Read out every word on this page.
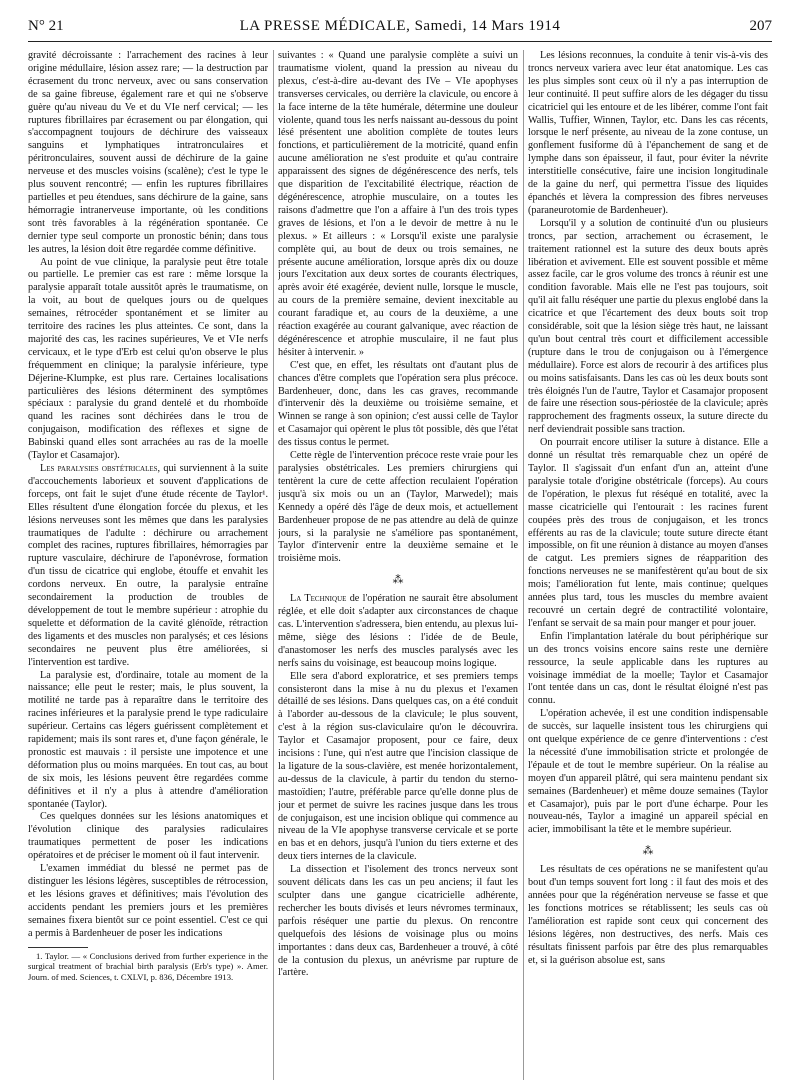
N° 21	LA PRESSE MÉDICALE, Samedi, 14 Mars 1914	207

gravité décroissante : l'arrachement des racines à leur origine médullaire, lésion assez rare; — la destruction par écrasement du tronc nerveux, avec ou sans conservation de sa gaine fibreuse, également rare et qui ne s'observe guère qu'au niveau du Ve et du VIe nerf cervical; — les ruptures fibrillaires par écrasement ou par élongation, qui s'accompagnent toujours de déchirure des vaisseaux sanguins et lymphatiques intratronculaires et péritronculaires, souvent aussi de déchirure de la gaine nerveuse et des muscles voisins (scalène); c'est le type le plus souvent rencontré; — enfin les ruptures fibrillaires partielles et peu étendues, sans déchirure de la gaine, sans hémorragie intranerveuse importante, où les conditions sont très favorables à la régénération spontanée. Ce dernier type seul comporte un pronostic bénin; dans tous les autres, la lésion doit être regardée comme définitive.

Au point de vue clinique, la paralysie peut être totale ou partielle. Le premier cas est rare : même lorsque la paralysie apparaît totale aussitôt après le traumatisme, on la voit, au bout de quelques jours ou de quelques semaines, rétrocéder spontanément et se limiter au territoire des racines les plus atteintes. Ce sont, dans la majorité des cas, les racines supérieures, Ve et VIe nerfs cervicaux, et le type d'Erb est celui qu'on observe le plus fréquemment en clinique; la paralysie inférieure, type Déjerine-Klumpke, est plus rare. Certaines localisations particulières des lésions déterminent des symptômes spéciaux : paralysie du grand dentelé et du rhomboïde quand les racines sont déchirées dans le trou de conjugaison, modification des réflexes et signe de Babinski quand elles sont arrachées au ras de la moelle (Taylor et Casamajor).

Les paralysies obstétricales, qui surviennent à la suite d'accouchements laborieux et souvent d'applications de forceps, ont fait le sujet d'une étude récente de Taylor¹. Elles résultent d'une élongation forcée du plexus, et les lésions nerveuses sont les mêmes que dans les paralysies traumatiques de l'adulte : déchirure ou arrachement complet des racines, ruptures fibrillaires, hémorragies par rupture vasculaire, déchirure de l'aponévrose, formation d'un tissu de cicatrice qui englobe, étouffe et envahit les cordons nerveux. En outre, la paralysie entraîne secondairement la production de troubles de développement de tout le membre supérieur : atrophie du squelette et déformation de la cavité glénoïde, rétraction des ligaments et des muscles non paralysés; et ces lésions secondaires ne peuvent plus être améliorées, si l'intervention est tardive.

La paralysie est, d'ordinaire, totale au moment de la naissance; elle peut le rester; mais, le plus souvent, la motilité ne tarde pas à reparaître dans le territoire des racines inférieures et la paralysie prend le type radiculaire supérieur. Certains cas légers guérissent complètement et rapidement; mais ils sont rares et, d'une façon générale, le pronostic est mauvais : il persiste une impotence et une déformation plus ou moins marquées. En tout cas, au bout de six mois, les lésions peuvent être regardées comme définitives et il n'y a plus à attendre d'amélioration spontanée (Taylor).

Ces quelques données sur les lésions anatomiques et l'évolution clinique des paralysies radiculaires traumatiques permettent de poser les indications opératoires et de préciser le moment où il faut intervenir.

L'examen immédiat du blessé ne permet pas de distinguer les lésions légères, susceptibles de rétrocession, et les lésions graves et définitives; mais l'évolution des accidents pendant les premiers jours et les premières semaines fixera bientôt sur ce point essentiel. C'est ce qui a permis à Bardenheuer de poser les indications

1. Taylor. — « Conclusions derived from further experience in the surgical treatment of brachial birth paralysis (Erb's type) ». Amer. Journ. of med. Sciences, t. CXLVI, p. 836, Décembre 1913.

suivantes : « Quand une paralysie complète a suivi un traumatisme violent, quand la pression au niveau du plexus, c'est-à-dire au-devant des IVe – VIe apophyses transverses cervicales, ou derrière la clavicule, ou encore à la face interne de la tête humérale, détermine une douleur violente, quand tous les nerfs naissant au-dessous du point lésé présentent une abolition complète de toutes leurs fonctions, et particulièrement de la motricité, quand enfin aucune amélioration ne s'est produite et qu'au contraire apparaissent des signes de dégénérescence des nerfs, tels que disparition de l'excitabilité électrique, réaction de dégénérescence, atrophie musculaire, on a toutes les raisons d'admettre que l'on a affaire à l'un des trois types graves de lésions, et l'on a le devoir de mettre à nu le plexus. » Et ailleurs : « Lorsqu'il existe une paralysie complète qui, au bout de deux ou trois semaines, ne présente aucune amélioration, lorsque après dix ou douze jours l'excitation aux deux sortes de courants électriques, après avoir été exagérée, devient nulle, lorsque le muscle, au cours de la première semaine, devient inexcitable au courant faradique et, au cours de la deuxième, a une réaction exagérée au courant galvanique, avec réaction de dégénérescence et atrophie musculaire, il ne faut plus hésiter à intervenir. »

C'est que, en effet, les résultats ont d'autant plus de chances d'être complets que l'opération sera plus précoce. Bardenheuer, donc, dans les cas graves, recommande d'intervenir dès la deuxième ou troisième semaine, et Winnen se range à son opinion; c'est aussi celle de Taylor et Casamajor qui opèrent le plus tôt possible, dès que l'état des tissus contus le permet.

Cette règle de l'intervention précoce reste vraie pour les paralysies obstétricales. Les premiers chirurgiens qui tentèrent la cure de cette affection reculaient l'opération jusqu'à six mois ou un an (Taylor, Marwedel); mais Kennedy a opéré dès l'âge de deux mois, et actuellement Bardenheuer propose de ne pas attendre au delà de quinze jours, si la paralysie ne s'améliore pas spontanément, Taylor d'intervenir entre la deuxième semaine et le troisième mois.

⁂

La Technique de l'opération ne saurait être absolument réglée, et elle doit s'adapter aux circonstances de chaque cas. L'intervention s'adressera, bien entendu, au plexus lui-même, siège des lésions : l'idée de de Beule, d'anastomoser les nerfs des muscles paralysés avec les nerfs sains du voisinage, est beaucoup moins logique.

Elle sera d'abord exploratrice, et ses premiers temps consisteront dans la mise à nu du plexus et l'examen détaillé de ses lésions. Dans quelques cas, on a été conduit à l'aborder au-dessous de la clavicule; le plus souvent, c'est à la région sus-claviculaire qu'on le découvrira. Taylor et Casamajor proposent, pour ce faire, deux incisions : l'une, qui n'est autre que l'incision classique de la ligature de la sous-clavière, est menée horizontalement, au-dessus de la clavicule, à partir du tendon du sterno-mastoïdien; l'autre, préférable parce qu'elle donne plus de jour et permet de suivre les racines jusque dans les trous de conjugaison, est une incision oblique qui commence au niveau de la VIe apophyse transverse cervicale et se porte en bas et en dehors, jusqu'à l'union du tiers externe et des deux tiers internes de la clavicule.

La dissection et l'isolement des troncs nerveux sont souvent délicats dans les cas un peu anciens; il faut les sculpter dans une gangue cicatricielle adhérente, rechercher les bouts divisés et leurs névromes terminaux, parfois réséquer une partie du plexus. On rencontre quelquefois des lésions de voisinage plus ou moins importantes : dans deux cas, Bardenheuer a trouvé, à côté de la contusion du plexus, un anévrisme par rupture de l'artère.

Les lésions reconnues, la conduite à tenir vis-à-vis des troncs nerveux variera avec leur état anatomique. Les cas les plus simples sont ceux où il n'y a pas interruption de leur continuité. Il peut suffire alors de les dégager du tissu cicatriciel qui les entoure et de les libérer, comme l'ont fait Wallis, Tuffier, Winnen, Taylor, etc. Dans les cas récents, lorsque le nerf présente, au niveau de la zone contuse, un gonflement fusiforme dû à l'épanchement de sang et de lymphe dans son épaisseur, il faut, pour éviter la névrite interstitielle consécutive, faire une incision longitudinale de la gaine du nerf, qui permettra l'issue des liquides épanchés et lèvera la compression des fibres nerveuses (paraneurotomie de Bardenheuer).

Lorsqu'il y a solution de continuité d'un ou plusieurs troncs, par section, arrachement ou écrasement, le traitement rationnel est la suture des deux bouts après libération et avivement. Elle est souvent possible et même assez facile, car le gros volume des troncs à réunir est une condition favorable. Mais elle ne l'est pas toujours, soit qu'il ait fallu réséquer une partie du plexus englobé dans la cicatrice et que l'écartement des deux bouts soit trop considérable, soit que la lésion siège très haut, ne laissant qu'un bout central très court et difficilement accessible (rupture dans le trou de conjugaison ou à l'émergence médullaire). Force est alors de recourir à des artifices plus ou moins satisfaisants. Dans les cas où les deux bouts sont très éloignés l'un de l'autre, Taylor et Casamajor proposent de faire une résection sous-périostée de la clavicule; après rapprochement des fragments osseux, la suture directe du nerf deviendrait possible sans traction.

On pourrait encore utiliser la suture à distance. Elle a donné un résultat très remarquable chez un opéré de Taylor. Il s'agissait d'un enfant d'un an, atteint d'une paralysie totale d'origine obstétricale (forceps). Au cours de l'opération, le plexus fut réséqué en totalité, avec la masse cicatricielle qui l'entourait : les racines furent coupées près des trous de conjugaison, et les troncs efférents au ras de la clavicule; toute suture directe étant impossible, on fit une réunion à distance au moyen d'anses de catgut. Les premiers signes de réapparition des fonctions nerveuses ne se manifestèrent qu'au bout de six mois; l'amélioration fut lente, mais continue; quelques années plus tard, tous les muscles du membre avaient recouvré un certain degré de contractilité volontaire, l'enfant se servait de sa main pour manger et pour jouer.

Enfin l'implantation latérale du bout périphérique sur un des troncs voisins encore sains reste une dernière ressource, la seule applicable dans les ruptures au voisinage immédiat de la moelle; Taylor et Casamajor l'ont tentée dans un cas, dont le résultat éloigné n'est pas connu.

L'opération achevée, il est une condition indispensable de succès, sur laquelle insistent tous les chirurgiens qui ont quelque expérience de ce genre d'interventions : c'est la nécessité d'une immobilisation stricte et prolongée de l'épaule et de tout le membre supérieur. On la réalise au moyen d'un appareil plâtré, qui sera maintenu pendant six semaines (Bardenheuer) et même douze semaines (Taylor et Casamajor), puis par le port d'une écharpe. Pour les nouveau-nés, Taylor a imaginé un appareil spécial en acier, immobilisant la tête et le membre supérieur.

⁂

Les résultats de ces opérations ne se manifestent qu'au bout d'un temps souvent fort long : il faut des mois et des années pour que la régénération nerveuse se fasse et que les fonctions motrices se rétablissent; les seuls cas où l'amélioration est rapide sont ceux qui concernent des lésions légères, non destructives, des nerfs. Mais ces résultats finissent parfois par être des plus remarquables et, si la guérison absolue est, sans
